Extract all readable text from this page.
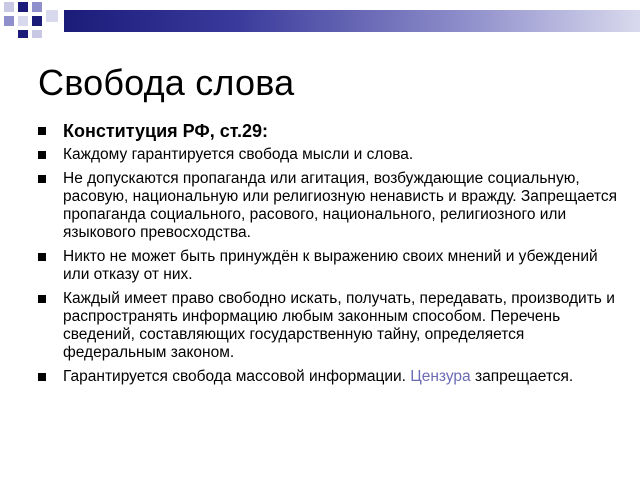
Свобода слова
Конституция РФ, ст.29:
Каждому гарантируется свобода мысли и слова.
Не допускаются пропаганда или агитация, возбуждающие социальную, расовую, национальную или религиозную ненависть и вражду. Запрещается пропаганда социального, расового, национального, религиозного или языкового превосходства.
Никто не может быть принуждён к выражению своих мнений и убеждений или отказу от них.
Каждый имеет право свободно искать, получать, передавать, производить и распространять информацию любым законным способом. Перечень сведений, составляющих государственную тайну, определяется федеральным законом.
Гарантируется свобода массовой информации. Цензура запрещается.
